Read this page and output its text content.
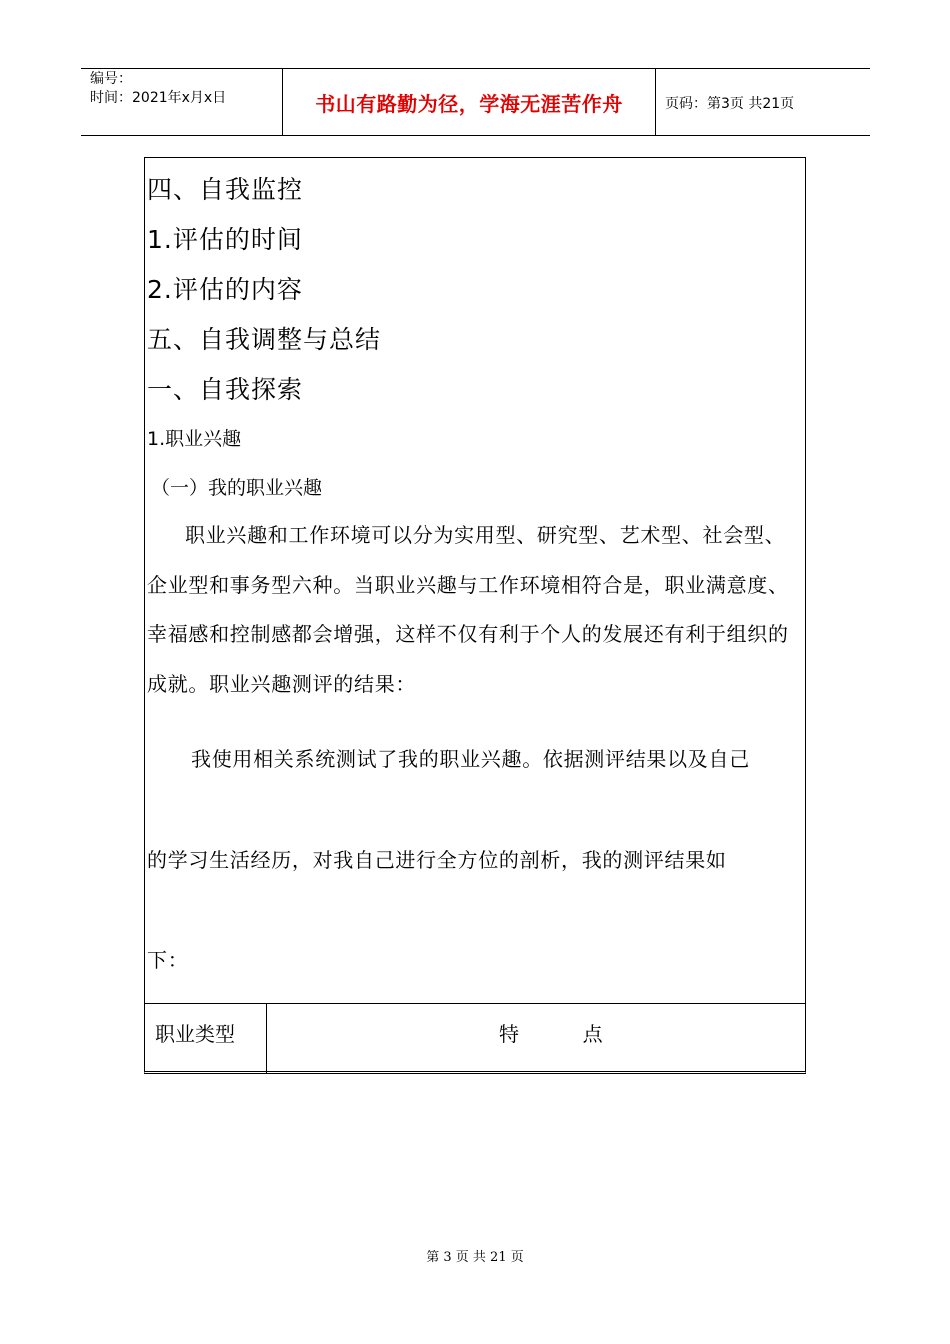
编号：
时间：2021年x月x日	书山有路勤为径，学海无涯苦作舟	页码：第3页 共21页
四、自我监控
1.评估的时间
2.评估的内容
五、自我调整与总结
一、自我探索
1.职业兴趣
（一）我的职业兴趣
职业兴趣和工作环境可以分为实用型、研究型、艺术型、社会型、企业型和事务型六种。当职业兴趣与工作环境相符合是，职业满意度、幸福感和控制感都会增强，这样不仅有利于个人的发展还有利于组织的成就。职业兴趣测评的结果：
我使用相关系统测试了我的职业兴趣。依据测评结果以及自己
的学习生活经历，对我自己进行全方位的剖析，我的测评结果如
下：
职业类型	特          点
第 3 页 共 21 页
